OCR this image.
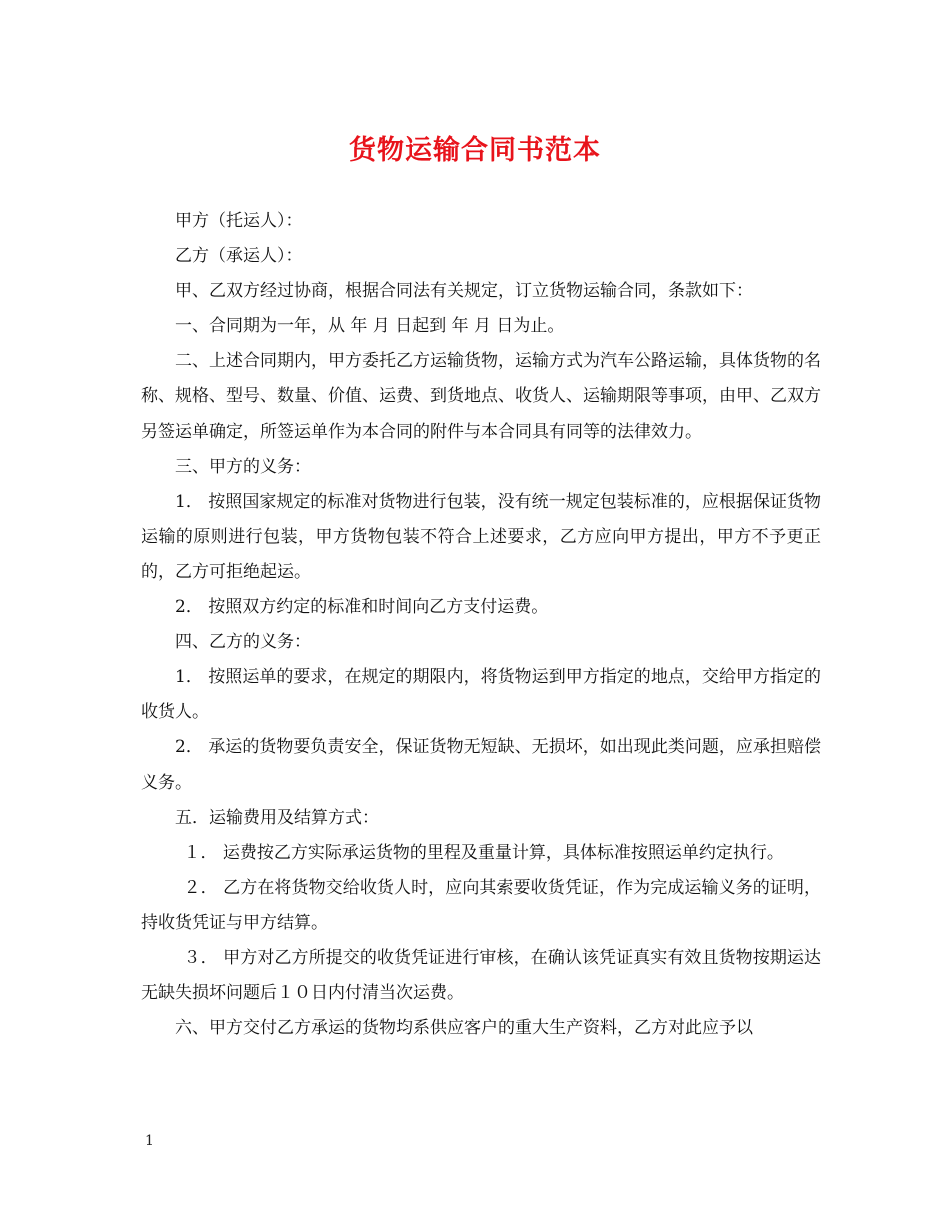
货物运输合同书范本

甲方（托运人）：

乙方（承运人）：

甲、乙双方经过协商，根据合同法有关规定，订立货物运输合同，条款如下：

一、合同期为一年，从 年 月 日起到 年 月 日为止。

二、上述合同期内，甲方委托乙方运输货物，运输方式为汽车公路运输，具体货物的名称、规格、型号、数量、价值、运费、到货地点、收货人、运输期限等事项，由甲、乙双方另签运单确定，所签运单作为本合同的附件与本合同具有同等的法律效力。

三、甲方的义务：

1． 按照国家规定的标准对货物进行包装，没有统一规定包装标准的，应根据保证货物运输的原则进行包装，甲方货物包装不符合上述要求，乙方应向甲方提出，甲方不予更正的，乙方可拒绝起运。

2． 按照双方约定的标准和时间向乙方支付运费。

四、乙方的义务：

1． 按照运单的要求，在规定的期限内，将货物运到甲方指定的地点，交给甲方指定的收货人。

2． 承运的货物要负责安全，保证货物无短缺、无损坏，如出现此类问题，应承担赔偿义务。

五．运输费用及结算方式：

１． 运费按乙方实际承运货物的里程及重量计算，具体标准按照运单约定执行。

２． 乙方在将货物交给收货人时，应向其索要收货凭证，作为完成运输义务的证明，持收货凭证与甲方结算。

３． 甲方对乙方所提交的收货凭证进行审核，在确认该凭证真实有效且货物按期运达无缺失损坏问题后１０日内付清当次运费。

六、甲方交付乙方承运的货物均系供应客户的重大生产资料，乙方对此应予以

1
